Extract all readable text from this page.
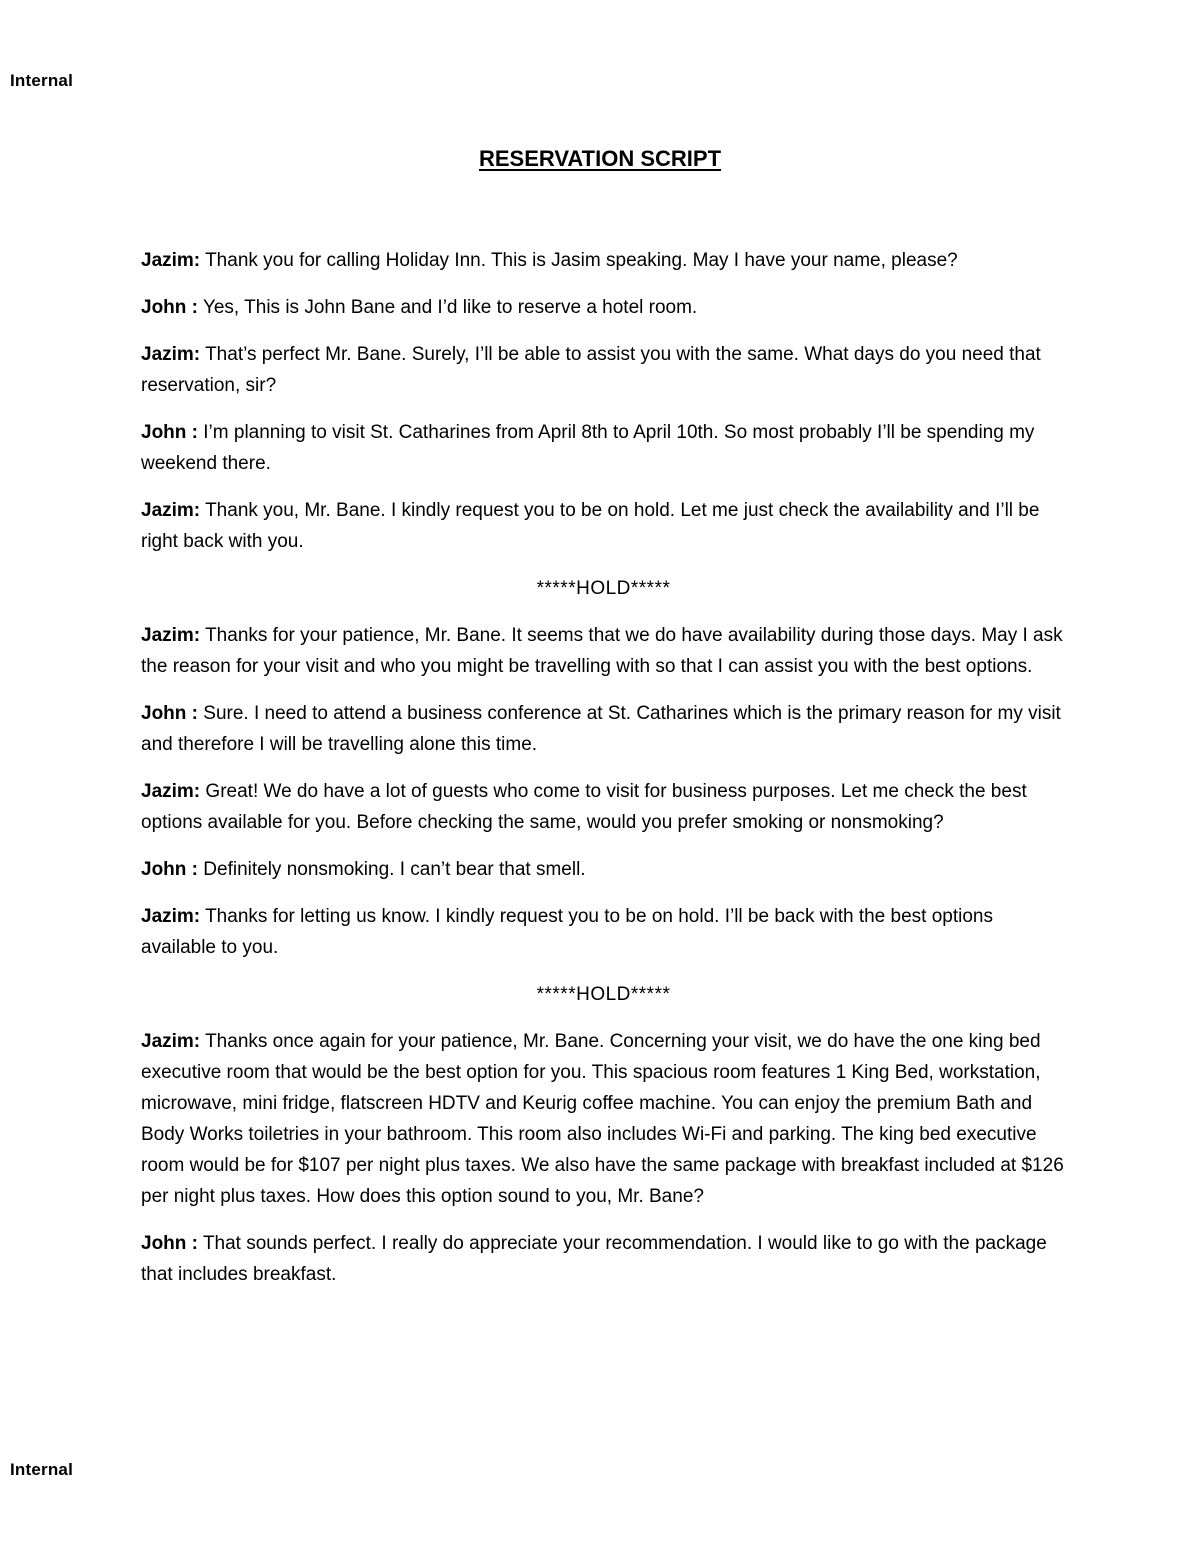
Internal
RESERVATION SCRIPT

Jazim: Thank you for calling Holiday Inn. This is Jasim speaking. May I have your name, please?

John : Yes, This is John Bane and I’d like to reserve a hotel room.

Jazim: That’s perfect Mr. Bane. Surely, I’ll be able to assist you with the same. What days do you need that reservation, sir?

John : I’m planning to visit St. Catharines from April 8th to April 10th. So most probably I’ll be spending my weekend there.

Jazim: Thank you, Mr. Bane. I kindly request you to be on hold. Let me just check the availability and I’ll be right back with you.

*****HOLD*****

Jazim: Thanks for your patience, Mr. Bane. It seems that we do have availability during those days. May I ask the reason for your visit and who you might be travelling with so that I can assist you with the best options.

John : Sure. I need to attend a business conference at St. Catharines which is the primary reason for my visit and therefore I will be travelling alone this time.

Jazim: Great! We do have a lot of guests who come to visit for business purposes. Let me check the best options available for you. Before checking the same, would you prefer smoking or nonsmoking?

John : Definitely nonsmoking. I can’t bear that smell.

Jazim: Thanks for letting us know. I kindly request you to be on hold. I’ll be back with the best options available to you.

*****HOLD*****

Jazim: Thanks once again for your patience, Mr. Bane. Concerning your visit, we do have the one king bed executive room that would be the best option for you. This spacious room features 1 King Bed, workstation, microwave, mini fridge, flatscreen HDTV and Keurig coffee machine. You can enjoy the premium Bath and Body Works toiletries in your bathroom. This room also includes Wi-Fi and parking. The king bed executive room would be for $107 per night plus taxes. We also have the same package with breakfast included at $126 per night plus taxes. How does this option sound to you, Mr. Bane?

John : That sounds perfect. I really do appreciate your recommendation. I would like to go with the package that includes breakfast.

Internal
